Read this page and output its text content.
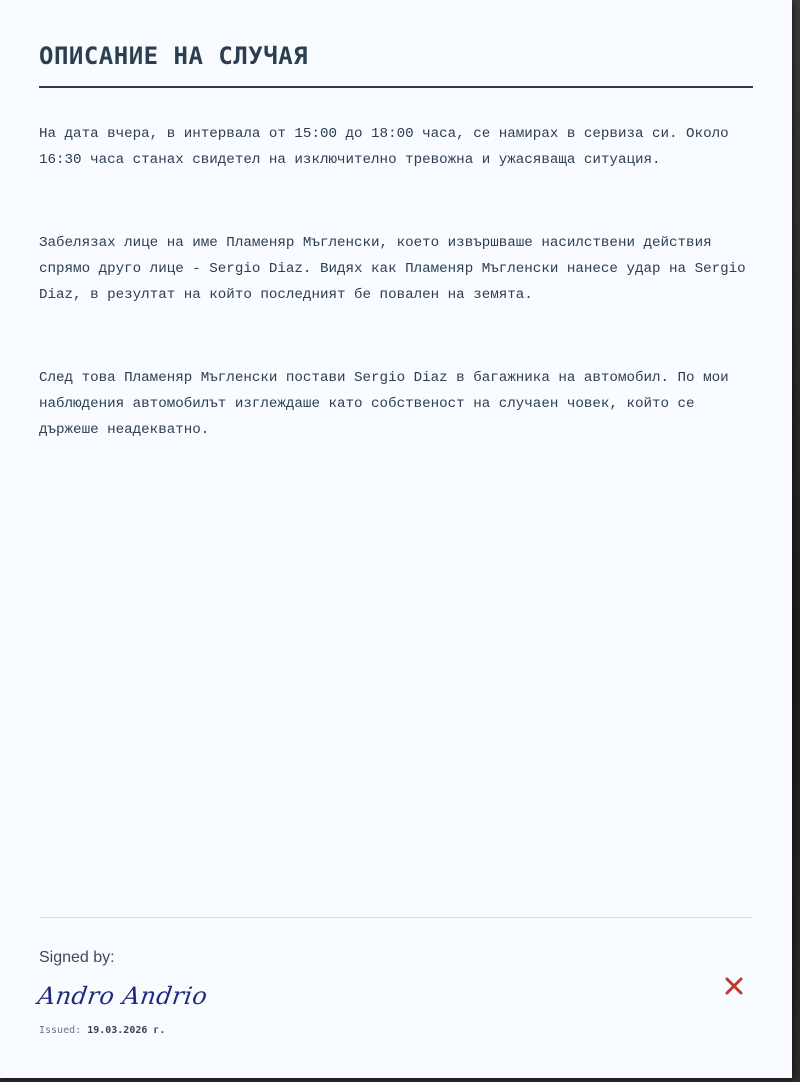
ОПИСАНИЕ НА СЛУЧАЯ

На дата вчера, в интервала от 15:00 до 18:00 часа, се намирах в сервиза си. Около 16:30 часа станах свидетел на изключително тревожна и ужасяваща ситуация.

Забелязах лице на име Пламеняр Мъгленски, което извършваше насилствени действия спрямо друго лице - Sergio Diaz. Видях как Пламеняр Мъгленски нанесе удар на Sergio Diaz, в резултат на който последният бе повален на земята.

След това Пламеняр Мъгленски постави Sergio Diaz в багажника на автомобил. По мои наблюдения автомобилът изглеждаше като собственост на случаен човек, който се държеше неадекватно.

Signed by:
Andro Andrio
Issued: 19.03.2026 г.
